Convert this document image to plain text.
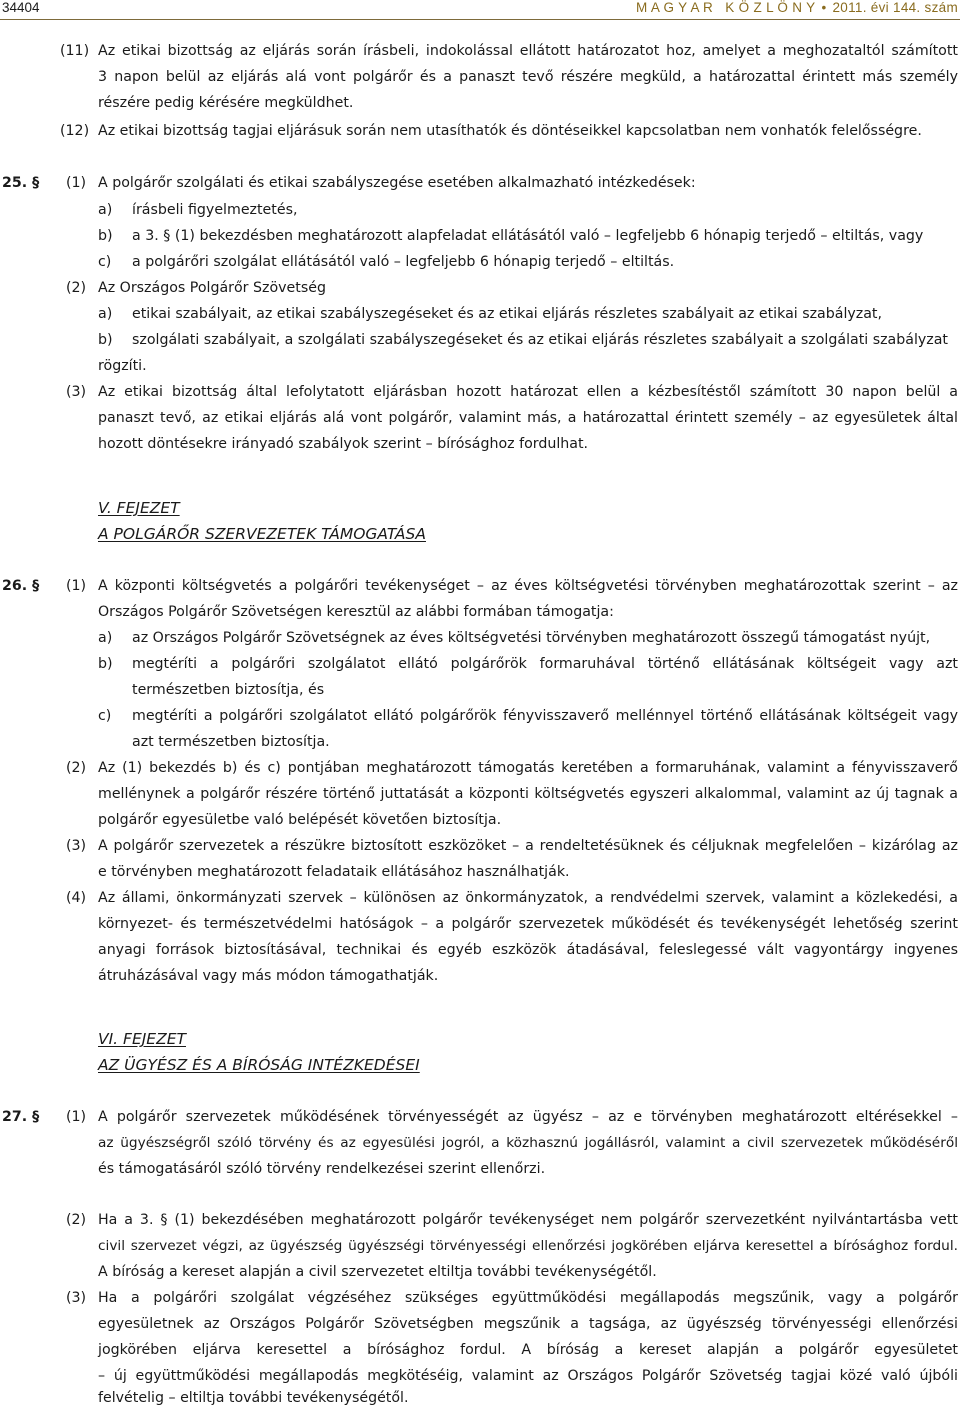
34404	M A G Y A R   K Ö Z L Ö N Y • 2011. évi 144. szám
(11) Az etikai bizottság az eljárás során írásbeli, indokolással ellátott határozatot hoz, amelyet a meghozataltól számított
3 napon belül az eljárás alá vont polgárőr és a panaszt tevő részére megküld, a határozattal érintett más személy
részére pedig kérésére megküldhet.
(12) Az etikai bizottság tagjai eljárásuk során nem utasíthatók és döntéseikkel kapcsolatban nem vonhatók felelősségre.
25. § (1) A polgárőr szolgálati és etikai szabályszegése esetében alkalmazható intézkedések:
a) írásbeli figyelmeztetés,
b) a 3. § (1) bekezdésben meghatározott alapfeladat ellátásától való – legfeljebb 6 hónapig terjedő – eltiltás, vagy
c) a polgárőri szolgálat ellátásától való – legfeljebb 6 hónapig terjedő – eltiltás.
(2) Az Országos Polgárőr Szövetség
a) etikai szabályait, az etikai szabályszegéseket és az etikai eljárás részletes szabályait az etikai szabályzat,
b) szolgálati szabályait, a szolgálati szabályszegéseket és az etikai eljárás részletes szabályait a szolgálati szabályzat
rögzíti.
(3) Az etikai bizottság által lefolytatott eljárásban hozott határozat ellen a kézbesítéstől számított 30 napon belül a
panaszt tevő, az etikai eljárás alá vont polgárőr, valamint más, a határozattal érintett személy – az egyesületek által
hozott döntésekre irányadó szabályok szerint – bírósághoz fordulhat.
V. FEJEZET
A POLGÁRŐR SZERVEZETEK TÁMOGATÁSA
26. § (1) A központi költségvetés a polgárőri tevékenységet – az éves költségvetési törvényben meghatározottak szerint – az
Országos Polgárőr Szövetségen keresztül az alábbi formában támogatja:
a) az Országos Polgárőr Szövetségnek az éves költségvetési törvényben meghatározott összegű támogatást nyújt,
b) megtéríti a polgárőri szolgálatot ellátó polgárőrök formaruhával történő ellátásának költségeit vagy azt
természetben biztosítja, és
c) megtéríti a polgárőri szolgálatot ellátó polgárőrök fényvisszaverő mellénnyel történő ellátásának költségeit vagy
azt természetben biztosítja.
(2) Az (1) bekezdés b) és c) pontjában meghatározott támogatás keretében a formaruhának, valamint a fényvisszaverő
mellénynek a polgárőr részére történő juttatását a központi költségvetés egyszeri alkalommal, valamint az új tagnak a
polgárőr egyesületbe való belépését követően biztosítja.
(3) A polgárőr szervezetek a részükre biztosított eszközöket – a rendeltetésüknek és céljuknak megfelelően – kizárólag az
e törvényben meghatározott feladataik ellátásához használhatják.
(4) Az állami, önkormányzati szervek – különösen az önkormányzatok, a rendvédelmi szervek, valamint a közlekedési, a
környezet- és természetvédelmi hatóságok – a polgárőr szervezetek működését és tevékenységét lehetőség szerint
anyagi források biztosításával, technikai és egyéb eszközök átadásával, feleslegessé vált vagyontárgy ingyenes
átruházásával vagy más módon támogathatják.
VI. FEJEZET
AZ ÜGYÉSZ ÉS A BÍRÓSÁG INTÉZKEDÉSEI
27. § (1) A polgárőr szervezetek működésének törvényességét az ügyész – az e törvényben meghatározott eltérésekkel –
az ügyészségről szóló törvény és az egyesülési jogról, a közhasznú jogállásról, valamint a civil szervezetek működéséről
és támogatásáról szóló törvény rendelkezései szerint ellenőrzi.
(2) Ha a 3. § (1) bekezdésében meghatározott polgárőr tevékenységet nem polgárőr szervezetként nyilvántartásba vett
civil szervezet végzi, az ügyészség ügyészségi törvényességi ellenőrzési jogkörében eljárva keresettel a bírósághoz fordul.
A bíróság a kereset alapján a civil szervezetet eltiltja további tevékenységétől.
(3) Ha a polgárőri szolgálat végzéséhez szükséges együttműködési megállapodás megszűnik, vagy a polgárőr
egyesületnek az Országos Polgárőr Szövetségben megszűnik a tagsága, az ügyészség törvényességi ellenőrzési
jogkörében eljárva keresettel a bírósághoz fordul. A bíróság a kereset alapján a polgárőr egyesületet
– új együttműködési megállapodás megkötéséig, valamint az Országos Polgárőr Szövetség tagjai közé való újbóli
felvételig – eltiltja további tevékenységétől.
